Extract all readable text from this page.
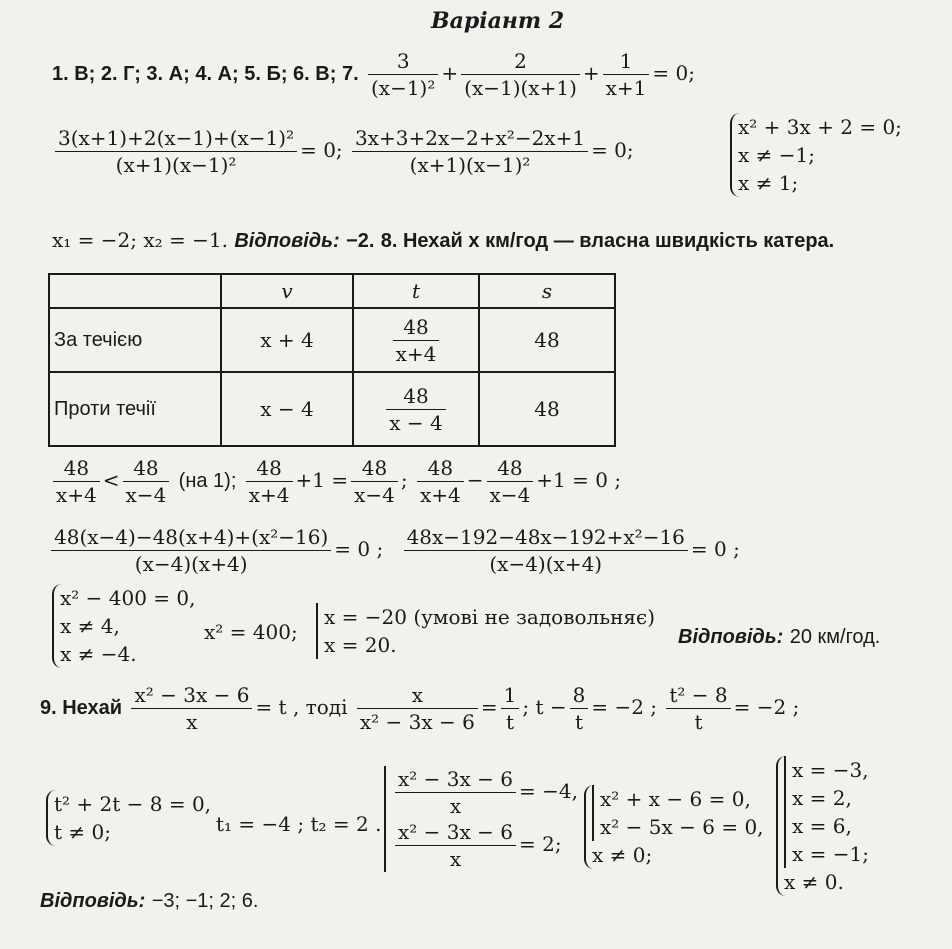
Варіант 2
1. В; 2. Г; 3. А; 4. А; 5. Б; 6. В; 7. $\frac{3}{\text{(x−1)²}} + \frac{2}{(x-1)(x+1)} + \frac{1}{x+1} = 0$;
$\frac{\text{3(x+1)+2(x−1)+(x−1)²}}{\text{(x+1)(x−1)²}} = 0$; $\frac{\text{3x+3+2x−2+x²−2x+1}}{\text{(x+1)(x−1)²}} = 0$;
x² + 3x + 2 = 0;
x ≠ −1;
x ≠ 1;
x₁ = −2; x₂ = −1. Відповідь: −2. 8. Нехай x км/год — власна швидкість катера.
	v	t	s
За течією	x + 4	$\frac{48}{x+4}$	48
Проти течії	x − 4	$\frac{48}{x - 4}$	48
$\frac{48}{x+4} < \frac{48}{x-4} (на$ 1); $\frac{48}{x+4} +1 = \frac{48}{x-4}$ ; $\frac{48}{x+4} - \frac{48}{x-4} +1 = 0$ ;
$\frac{\text{48(x−4)−48(x+4)+(x²−16)}}{(x-4)(x+4)} = 0$ ; $\frac{\text{48x−192−48x−192+x²−16}}{(x-4)(x+4)} = 0$ ;
x² − 400 = 0,
x ≠ 4,
x ≠ −4.
x² = 400;
x = −20 (умові не задовольняє)
x = 20.	Відповідь: 20 км/год.
9. Нехай $\frac{\text{x² − 3x − 6}}{x} = t$ , тоді $\frac{x}{\text{x² − 3x − 6}} = \frac{1}{t}$ ; $t - \frac{8}{t} = -2$ ; $\frac{\text{t² − 8}}{t} = -2$ ;
t² + 2t − 8 = 0,
t ≠ 0;	t₁ = −4 ; t₂ = 2 .
$\frac{\text{x² − 3x − 6}}{x} = -4$,
$\frac{\text{x² − 3x − 6}}{x} = 2$;
x² + x − 6 = 0,
x² − 5x − 6 = 0,
x ≠ 0;
x = −3,
x = 2,
x = 6,
x = −1;
x ≠ 0.
Відповідь: −3; −1; 2; 6.
